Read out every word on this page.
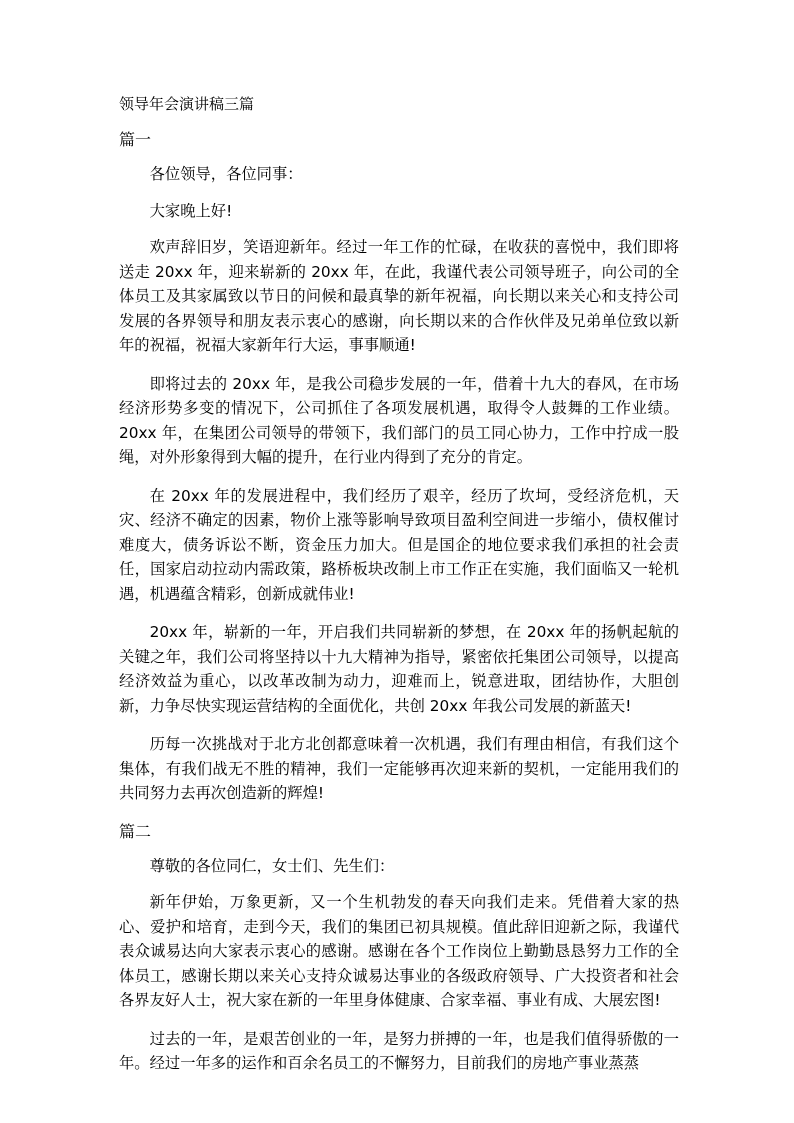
领导年会演讲稿三篇
篇一

各位领导，各位同事：

大家晚上好!

欢声辞旧岁，笑语迎新年。经过一年工作的忙碌，在收获的喜悦中，我们即将送走 20xx 年，迎来崭新的 20xx 年，在此，我谨代表公司领导班子，向公司的全体员工及其家属致以节日的问候和最真挚的新年祝福，向长期以来关心和支持公司发展的各界领导和朋友表示衷心的感谢，向长期以来的合作伙伴及兄弟单位致以新年的祝福，祝福大家新年行大运，事事顺通!

即将过去的 20xx 年，是我公司稳步发展的一年，借着十九大的春风，在市场经济形势多变的情况下，公司抓住了各项发展机遇，取得令人鼓舞的工作业绩。20xx 年，在集团公司领导的带领下，我们部门的员工同心协力，工作中拧成一股绳，对外形象得到大幅的提升，在行业内得到了充分的肯定。

在 20xx 年的发展进程中，我们经历了艰辛，经历了坎坷，受经济危机，天灾、经济不确定的因素，物价上涨等影响导致项目盈利空间进一步缩小，债权催讨难度大，债务诉讼不断，资金压力加大。但是国企的地位要求我们承担的社会责任，国家启动拉动内需政策，路桥板块改制上市工作正在实施，我们面临又一轮机遇，机遇蕴含精彩，创新成就伟业!

20xx 年，崭新的一年，开启我们共同崭新的梦想，在 20xx 年的扬帆起航的关键之年，我们公司将坚持以十九大精神为指导，紧密依托集团公司领导，以提高经济效益为重心，以改革改制为动力，迎难而上，锐意进取，团结协作，大胆创新，力争尽快实现运营结构的全面优化，共创 20xx 年我公司发展的新蓝天!

历每一次挑战对于北方北创都意味着一次机遇，我们有理由相信，有我们这个集体，有我们战无不胜的精神，我们一定能够再次迎来新的契机，一定能用我们的共同努力去再次创造新的辉煌!

篇二

尊敬的各位同仁，女士们、先生们：

新年伊始，万象更新，又一个生机勃发的春天向我们走来。凭借着大家的热心、爱护和培育，走到今天，我们的集团已初具规模。值此辞旧迎新之际，我谨代表众诚易达向大家表示衷心的感谢。感谢在各个工作岗位上勤勤恳恳努力工作的全体员工，感谢长期以来关心支持众诚易达事业的各级政府领导、广大投资者和社会各界友好人士，祝大家在新的一年里身体健康、合家幸福、事业有成、大展宏图!

过去的一年，是艰苦创业的一年，是努力拼搏的一年，也是我们值得骄傲的一年。经过一年多的运作和百余名员工的不懈努力，目前我们的房地产事业蒸蒸
